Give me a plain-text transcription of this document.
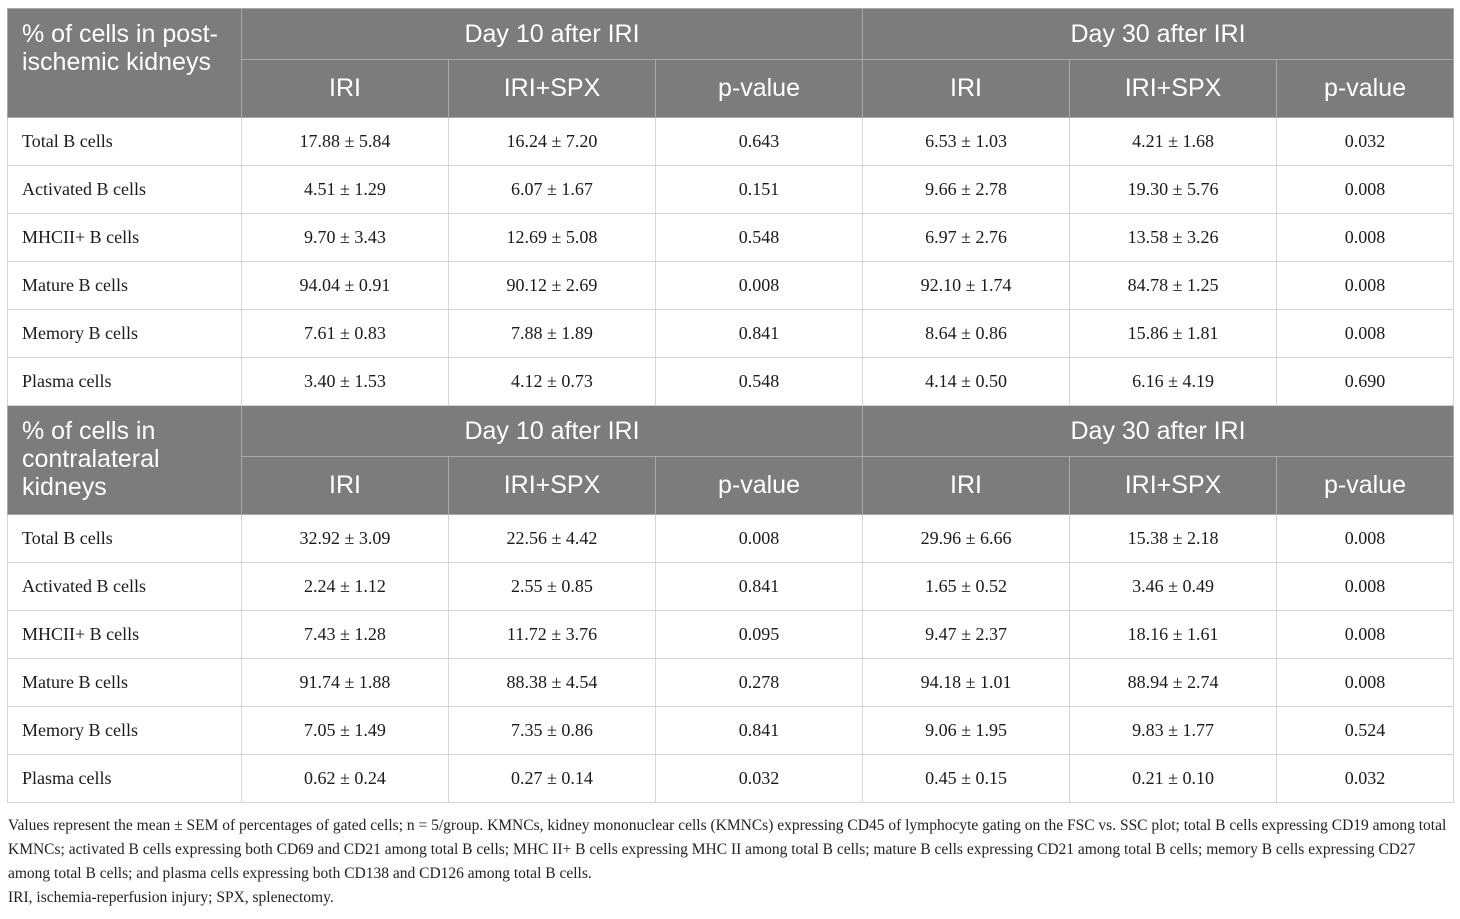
% of cells in post-ischemic kidneys	Day 10 after IRI			Day 30 after IRI		
	IRI	IRI+SPX	p-value	IRI	IRI+SPX	p-value
Total B cells	17.88 ± 5.84	16.24 ± 7.20	0.643	6.53 ± 1.03	4.21 ± 1.68	0.032
Activated B cells	4.51 ± 1.29	6.07 ± 1.67	0.151	9.66 ± 2.78	19.30 ± 5.76	0.008
MHCII+ B cells	9.70 ± 3.43	12.69 ± 5.08	0.548	6.97 ± 2.76	13.58 ± 3.26	0.008
Mature B cells	94.04 ± 0.91	90.12 ± 2.69	0.008	92.10 ± 1.74	84.78 ± 1.25	0.008
Memory B cells	7.61 ± 0.83	7.88 ± 1.89	0.841	8.64 ± 0.86	15.86 ± 1.81	0.008
Plasma cells	3.40 ± 1.53	4.12 ± 0.73	0.548	4.14 ± 0.50	6.16 ± 4.19	0.690
% of cells in contralateral kidneys	Day 10 after IRI			Day 30 after IRI		
	IRI	IRI+SPX	p-value	IRI	IRI+SPX	p-value
Total B cells	32.92 ± 3.09	22.56 ± 4.42	0.008	29.96 ± 6.66	15.38 ± 2.18	0.008
Activated B cells	2.24 ± 1.12	2.55 ± 0.85	0.841	1.65 ± 0.52	3.46 ± 0.49	0.008
MHCII+ B cells	7.43 ± 1.28	11.72 ± 3.76	0.095	9.47 ± 2.37	18.16 ± 1.61	0.008
Mature B cells	91.74 ± 1.88	88.38 ± 4.54	0.278	94.18 ± 1.01	88.94 ± 2.74	0.008
Memory B cells	7.05 ± 1.49	7.35 ± 0.86	0.841	9.06 ± 1.95	9.83 ± 1.77	0.524
Plasma cells	0.62 ± 0.24	0.27 ± 0.14	0.032	0.45 ± 0.15	0.21 ± 0.10	0.032

Values represent the mean ± SEM of percentages of gated cells; n = 5/group. KMNCs, kidney mononuclear cells (KMNCs) expressing CD45 of lymphocyte gating on the FSC vs. SSC plot; total B cells expressing CD19 among total KMNCs; activated B cells expressing both CD69 and CD21 among total B cells; MHC II+ B cells expressing MHC II among total B cells; mature B cells expressing CD21 among total B cells; memory B cells expressing CD27 among total B cells; and plasma cells expressing both CD138 and CD126 among total B cells.

IRI, ischemia-reperfusion injury; SPX, splenectomy.
